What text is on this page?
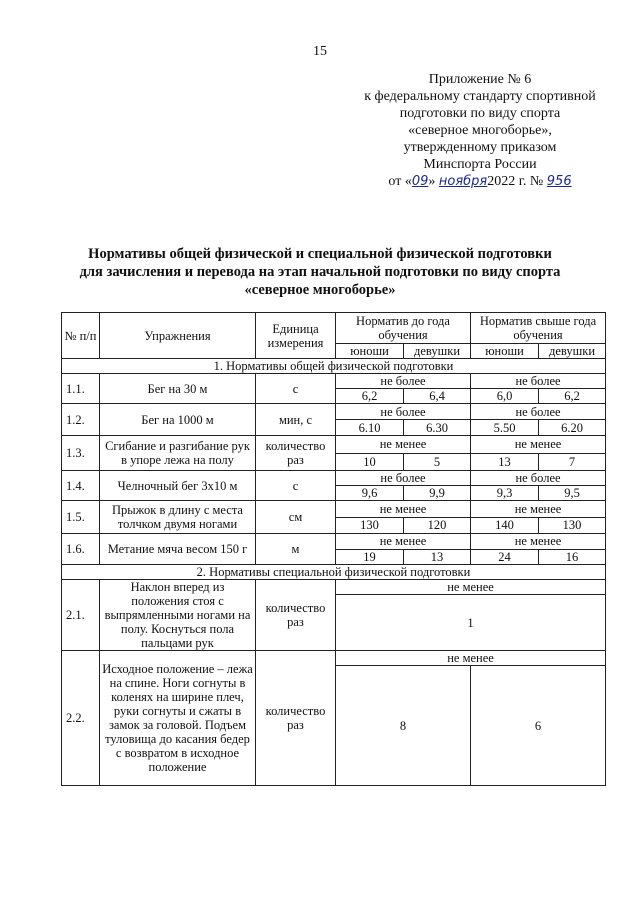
15
Приложение № 6
к федеральному стандарту спортивной
подготовки по виду спорта
«северное многоборье»,
утвержденному приказом
Минспорта России
от «09» ноября2022 г. № 956
Нормативы общей физической и специальной физической подготовки
для зачисления и перевода на этап начальной подготовки по виду спорта
«северное многоборье»
№ п/п	Упражнения	Единица измерения	Норматив до года обучения		Норматив свыше года обучения	
			юноши	девушки	юноши	девушки
1. Нормативы общей физической подготовки						
1.1.	Бег на 30 м	с	не более		не более	
			6,2	6,4	6,0	6,2
1.2.	Бег на 1000 м	мин, с	не более		не более	
			6.10	6.30	5.50	6.20
1.3.	Сгибание и разгибание рук в упоре лежа на полу	количество раз	не менее		не менее	
			10	5	13	7
1.4.	Челночный бег 3х10 м	с	не более		не более	
			9,6	9,9	9,3	9,5
1.5.	Прыжок в длину с места толчком двумя ногами	см	не менее		не менее	
			130	120	140	130
1.6.	Метание мяча весом 150 г	м	не менее		не менее	
			19	13	24	16
2. Нормативы специальной физической подготовки						
2.1.	Наклон вперед из положения стоя с выпрямленными ногами на полу. Коснуться пола пальцами рук	количество раз	не менее			
			1			
2.2.	Исходное положение – лежа на спине. Ноги согнуты в коленях на ширине плеч, руки согнуты и сжаты в замок за головой. Подъем туловища до касания бедер с возвратом в исходное положение	количество раз	не менее			
			8		6	
